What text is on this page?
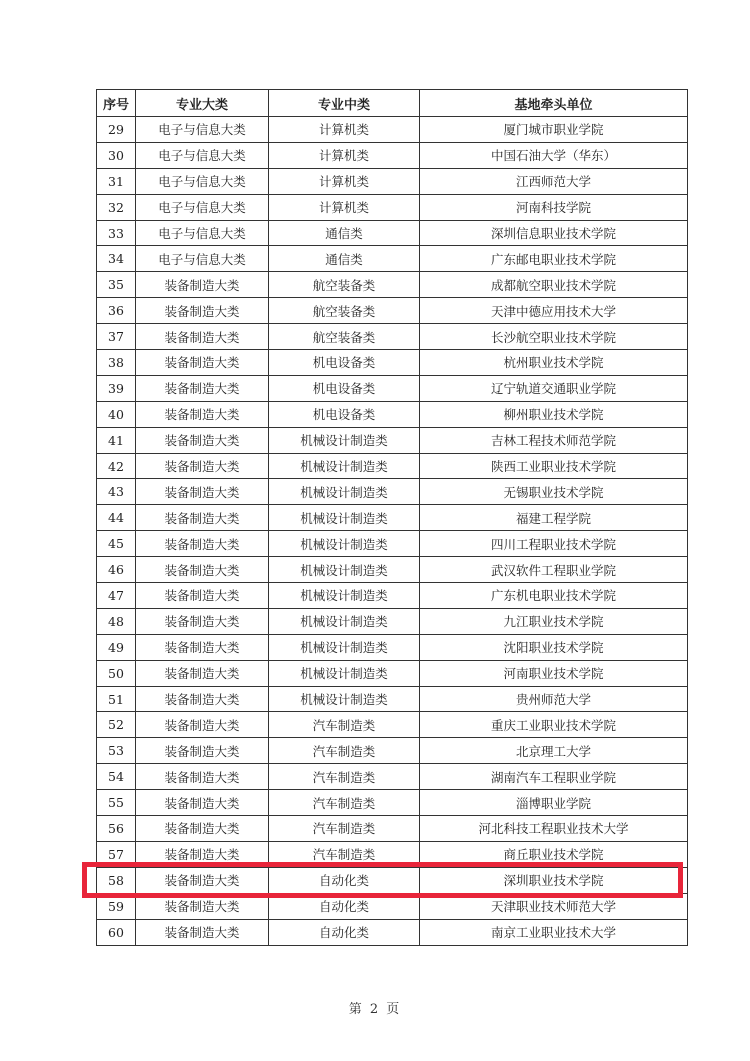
序号	专业大类	专业中类	基地牵头单位
29	电子与信息大类	计算机类	厦门城市职业学院
30	电子与信息大类	计算机类	中国石油大学（华东）
31	电子与信息大类	计算机类	江西师范大学
32	电子与信息大类	计算机类	河南科技学院
33	电子与信息大类	通信类	深圳信息职业技术学院
34	电子与信息大类	通信类	广东邮电职业技术学院
35	装备制造大类	航空装备类	成都航空职业技术学院
36	装备制造大类	航空装备类	天津中德应用技术大学
37	装备制造大类	航空装备类	长沙航空职业技术学院
38	装备制造大类	机电设备类	杭州职业技术学院
39	装备制造大类	机电设备类	辽宁轨道交通职业学院
40	装备制造大类	机电设备类	柳州职业技术学院
41	装备制造大类	机械设计制造类	吉林工程技术师范学院
42	装备制造大类	机械设计制造类	陕西工业职业技术学院
43	装备制造大类	机械设计制造类	无锡职业技术学院
44	装备制造大类	机械设计制造类	福建工程学院
45	装备制造大类	机械设计制造类	四川工程职业技术学院
46	装备制造大类	机械设计制造类	武汉软件工程职业学院
47	装备制造大类	机械设计制造类	广东机电职业技术学院
48	装备制造大类	机械设计制造类	九江职业技术学院
49	装备制造大类	机械设计制造类	沈阳职业技术学院
50	装备制造大类	机械设计制造类	河南职业技术学院
51	装备制造大类	机械设计制造类	贵州师范大学
52	装备制造大类	汽车制造类	重庆工业职业技术学院
53	装备制造大类	汽车制造类	北京理工大学
54	装备制造大类	汽车制造类	湖南汽车工程职业学院
55	装备制造大类	汽车制造类	淄博职业学院
56	装备制造大类	汽车制造类	河北科技工程职业技术大学
57	装备制造大类	汽车制造类	商丘职业技术学院
58	装备制造大类	自动化类	深圳职业技术学院
59	装备制造大类	自动化类	天津职业技术师范大学
60	装备制造大类	自动化类	南京工业职业技术大学
第 2 页
